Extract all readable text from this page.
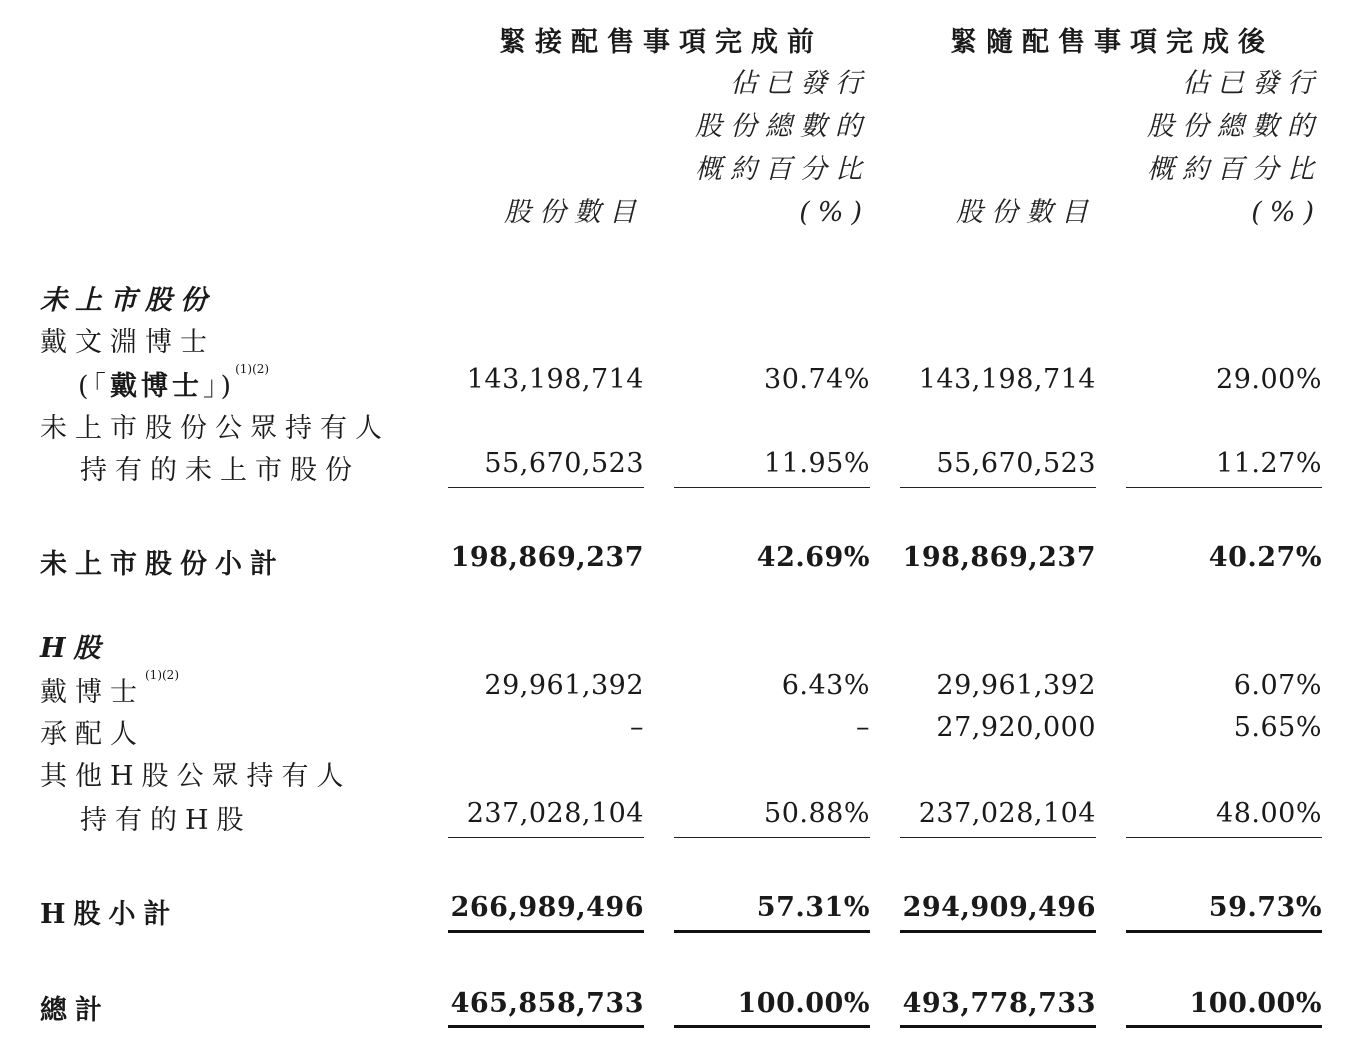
緊接配售事項完成前	緊隨配售事項完成後
佔已發行
股份總數的
概約百分比
(%)
佔已發行
股份總數的
概約百分比
(%)
股份數目	股份數目
未上市股份
戴文淵博士
(「戴博士」)$^{(1)(2)}$	143,198,714	30.74%	143,198,714	29.00%
未上市股份公眾持有人
持有的未上市股份	55,670,523	11.95%	55,670,523	11.27%
未上市股份小計	198,869,237	42.69% 198,869,237	40.27%
H股
戴博士$^{(1)(2)}$	29,961,392	6.43%	29,961,392	6.07%
承配人	–	–	27,920,000	5.65%
其他H股公眾持有人
持有的H股	237,028,104	50.88%	237,028,104	48.00%
H股小計	266,989,496	57.31% 294,909,496	59.73%
總計	465,858,733	100.00% 493,778,733	100.00%
